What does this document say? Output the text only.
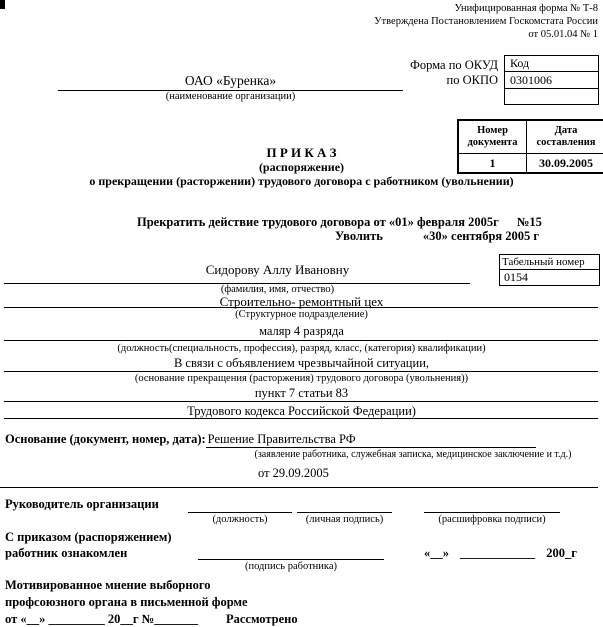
Унифицированная форма № Т-8
Утверждена Постановлением Госкомстата России
от 05.01.04 № 1
ОАО «Буренка»
(наименование организации)
Форма по ОКУД
по ОКПО
Код
0301006
Номер документа	Дата составления
1	30.09.2005
П Р И К А З
(распоряжение)
о прекращении (расторжении) трудового договора с работником (увольнении)
Прекратить действие трудового договора от «01» февраля 2005г №15
Уволить	«30» сентября 2005 г
Табельный номер
0154
Сидорову Аллу Ивановну
(фамилия, имя, отчество)
Строительно- ремонтный цех
(Структурное подразделение)
маляр 4 разряда
(должность(специальность, профессия), разряд, класс, (категория) квалификации)
В связи с объявлением чрезвычайной ситуации,
(основание прекращения (расторжения) трудового договора (увольнения))
пункт 7 статьи 83
Трудового кодекса Российской Федерации)
Основание (документ, номер, дата): Решение Правительства РФ
(заявление работника, служебная записка, медицинское заключение и т.д.)
от 29.09.2005
Руководитель организации
(должность)	(личная подпись)	(расшифровка подписи)
С приказом (распоряжением)
работник ознакомлен
(подпись работника)
«__» ____________ 200_г
Мотивированное мнение выборного
профсоюзного органа в письменной форме
от «__» _________ 20__г №_______ Рассмотрено
